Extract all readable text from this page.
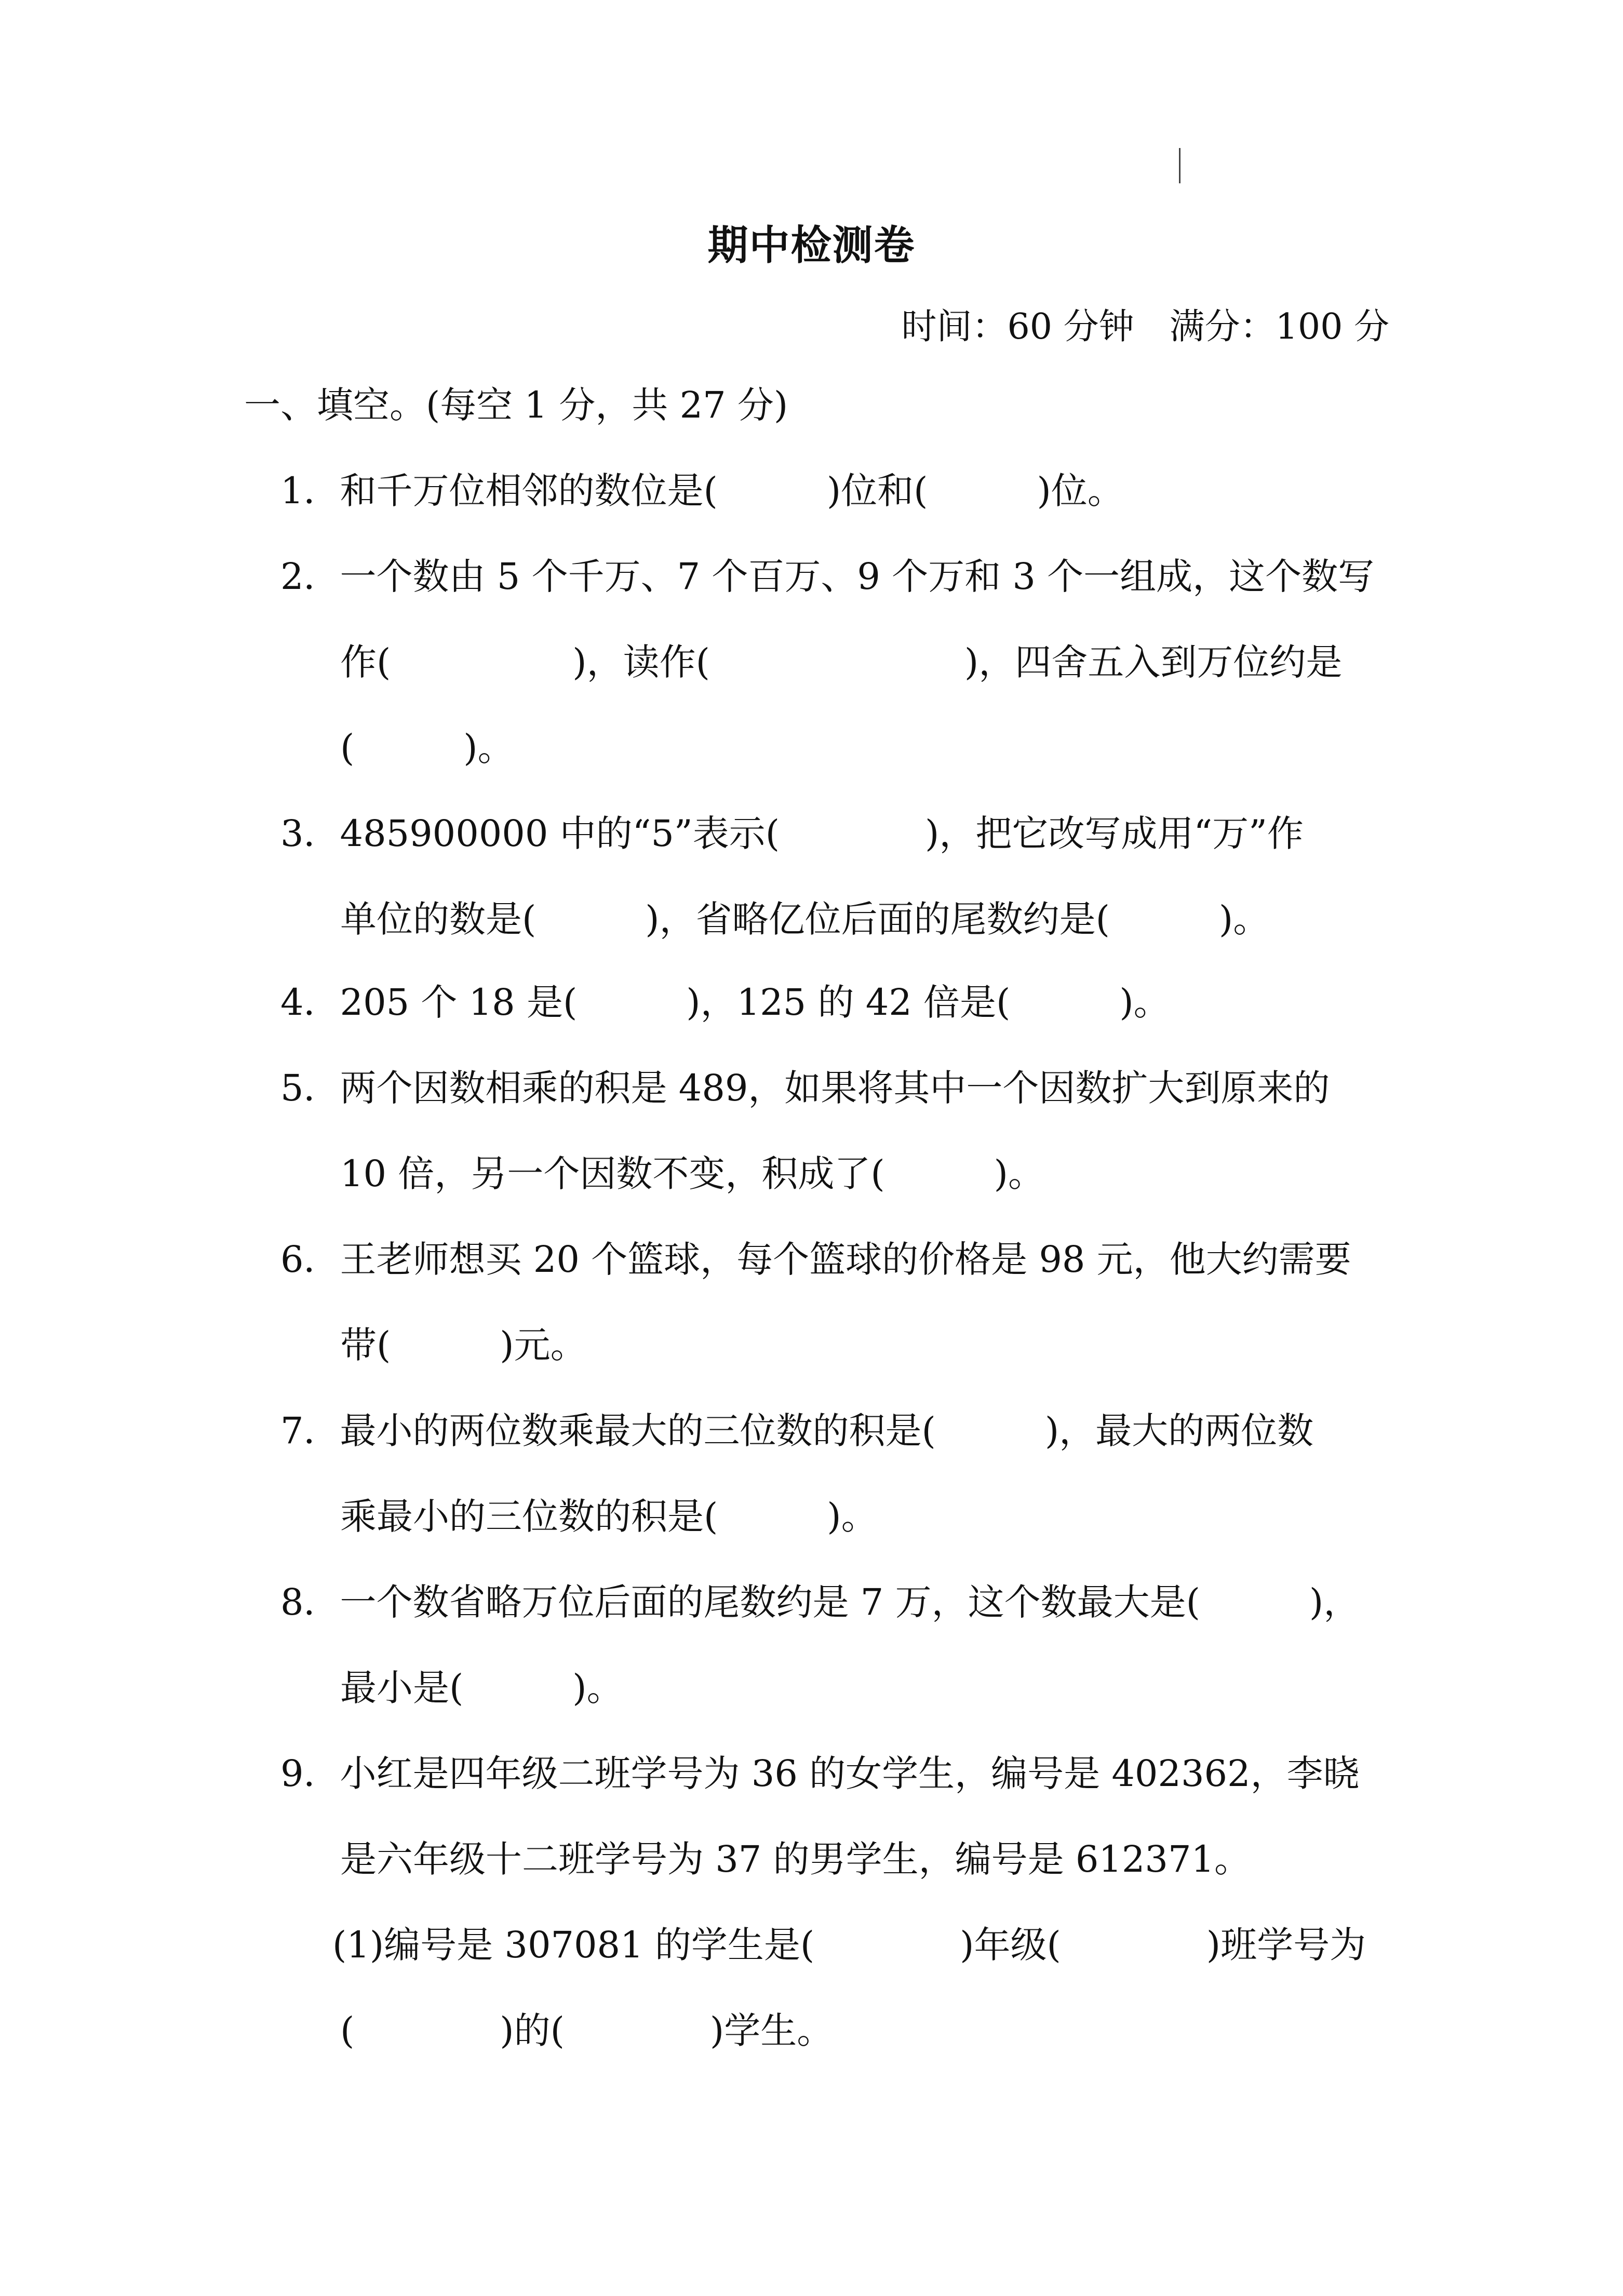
期中检测卷
时间：60 分钟　满分：100 分
一、填空。(每空 1 分，共 27 分)
1．和千万位相邻的数位是(　　　)位和(　　　)位。
2．一个数由 5 个千万、7 个百万、9 个万和 3 个一组成，这个数写
作(　　　　　)，读作(　　　　　　　)，四舍五入到万位约是
(　　　)。
3．485900000 中的“5”表示(　　　　)，把它改写成用“万”作
单位的数是(　　　)，省略亿位后面的尾数约是(　　　)。
4．205 个 18 是(　　　)，125 的 42 倍是(　　　)。
5．两个因数相乘的积是 489，如果将其中一个因数扩大到原来的
10 倍，另一个因数不变，积成了(　　　)。
6．王老师想买 20 个篮球，每个篮球的价格是 98 元，他大约需要
带(　　　)元。
7．最小的两位数乘最大的三位数的积是(　　　)，最大的两位数
乘最小的三位数的积是(　　　)。
8．一个数省略万位后面的尾数约是 7 万，这个数最大是(　　　)，
最小是(　　　)。
9．小红是四年级二班学号为 36 的女学生，编号是 402362，李晓
是六年级十二班学号为 37 的男学生，编号是 612371。
(1)编号是 307081 的学生是(　　　　)年级(　　　　)班学号为
(　　　　)的(　　　　)学生。
